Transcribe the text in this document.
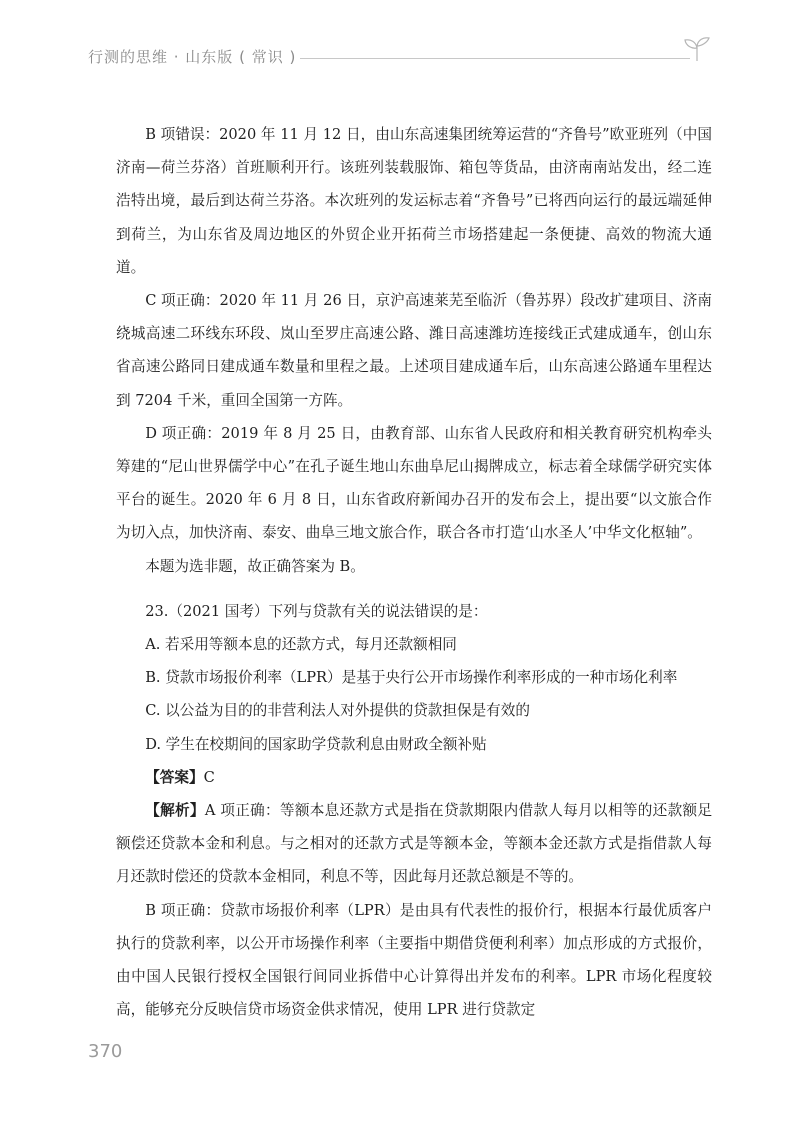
行测的思维 · 山东版 ( 常识 )

B 项错误：2020 年 11 月 12 日，由山东高速集团统筹运营的“齐鲁号”欧亚班列（中国济南—荷兰芬洛）首班顺利开行。该班列装载服饰、箱包等货品，由济南南站发出，经二连浩特出境，最后到达荷兰芬洛。本次班列的发运标志着“齐鲁号”已将西向运行的最远端延伸到荷兰，为山东省及周边地区的外贸企业开拓荷兰市场搭建起一条便捷、高效的物流大通道。

C 项正确：2020 年 11 月 26 日，京沪高速莱芜至临沂（鲁苏界）段改扩建项目、济南绕城高速二环线东环段、岚山至罗庄高速公路、潍日高速潍坊连接线正式建成通车，创山东省高速公路同日建成通车数量和里程之最。上述项目建成通车后，山东高速公路通车里程达到 7204 千米，重回全国第一方阵。

D 项正确：2019 年 8 月 25 日，由教育部、山东省人民政府和相关教育研究机构牵头筹建的“尼山世界儒学中心”在孔子诞生地山东曲阜尼山揭牌成立，标志着全球儒学研究实体平台的诞生。2020 年 6 月 8 日，山东省政府新闻办召开的发布会上，提出要“以文旅合作为切入点，加快济南、泰安、曲阜三地文旅合作，联合各市打造‘山水圣人’中华文化枢轴”。

本题为选非题，故正确答案为 B。

23.（2021 国考）下列与贷款有关的说法错误的是：

A. 若采用等额本息的还款方式，每月还款额相同

B. 贷款市场报价利率（LPR）是基于央行公开市场操作利率形成的一种市场化利率

C. 以公益为目的的非营利法人对外提供的贷款担保是有效的

D. 学生在校期间的国家助学贷款利息由财政全额补贴

【答案】C

【解析】A 项正确：等额本息还款方式是指在贷款期限内借款人每月以相等的还款额足额偿还贷款本金和利息。与之相对的还款方式是等额本金，等额本金还款方式是指借款人每月还款时偿还的贷款本金相同，利息不等，因此每月还款总额是不等的。

B 项正确：贷款市场报价利率（LPR）是由具有代表性的报价行，根据本行最优质客户执行的贷款利率，以公开市场操作利率（主要指中期借贷便利利率）加点形成的方式报价，由中国人民银行授权全国银行间同业拆借中心计算得出并发布的利率。LPR 市场化程度较高，能够充分反映信贷市场资金供求情况，使用 LPR 进行贷款定

370
